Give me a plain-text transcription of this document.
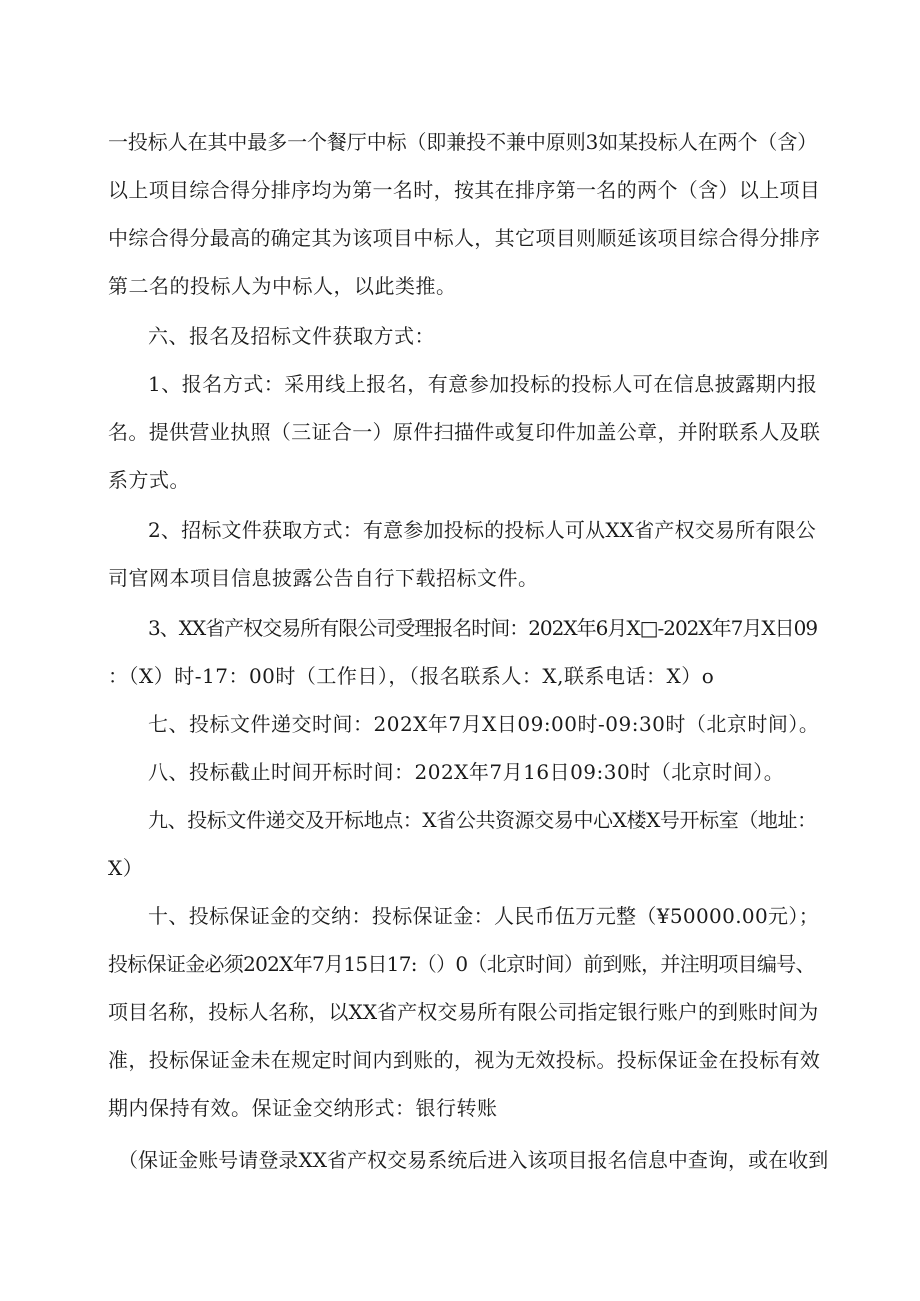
一投标人在其中最多一个餐厅中标（即兼投不兼中原则3如某投标人在两个（含）
以上项目综合得分排序均为第一名时，按其在排序第一名的两个（含）以上项目
中综合得分最高的确定其为该项目中标人，其它项目则顺延该项目综合得分排序
第二名的投标人为中标人，以此类推。
六、报名及招标文件获取方式：
1、报名方式：采用线上报名，有意参加投标的投标人可在信息披露期内报
名。提供营业执照（三证合一）原件扫描件或复印件加盖公章，并附联系人及联
系方式。
2、招标文件获取方式：有意参加投标的投标人可从XX省产权交易所有限公
司官网本项目信息披露公告自行下载招标文件。
3、XX省产权交易所有限公司受理报名时间：202X年6月X□-202X年7月X日09
：（X）时-17：00时（工作日），（报名联系人：X,联系电话：X）o
七、投标文件递交时间：202X年7月X日09:00时-09:30时（北京时间）。
八、投标截止时间开标时间：202X年7月16日09:30时（北京时间）。
九、投标文件递交及开标地点：X省公共资源交易中心X楼X号开标室（地址：
X）
十、投标保证金的交纳：投标保证金：人民币伍万元整（¥50000.00元）；
投标保证金必须202X年7月15日17:（）0（北京时间）前到账，并注明项目编号、
项目名称，投标人名称，以XX省产权交易所有限公司指定银行账户的到账时间为
准，投标保证金未在规定时间内到账的，视为无效投标。投标保证金在投标有效
期内保持有效。保证金交纳形式：银行转账
（保证金账号请登录XX省产权交易系统后进入该项目报名信息中查询，或在收到
